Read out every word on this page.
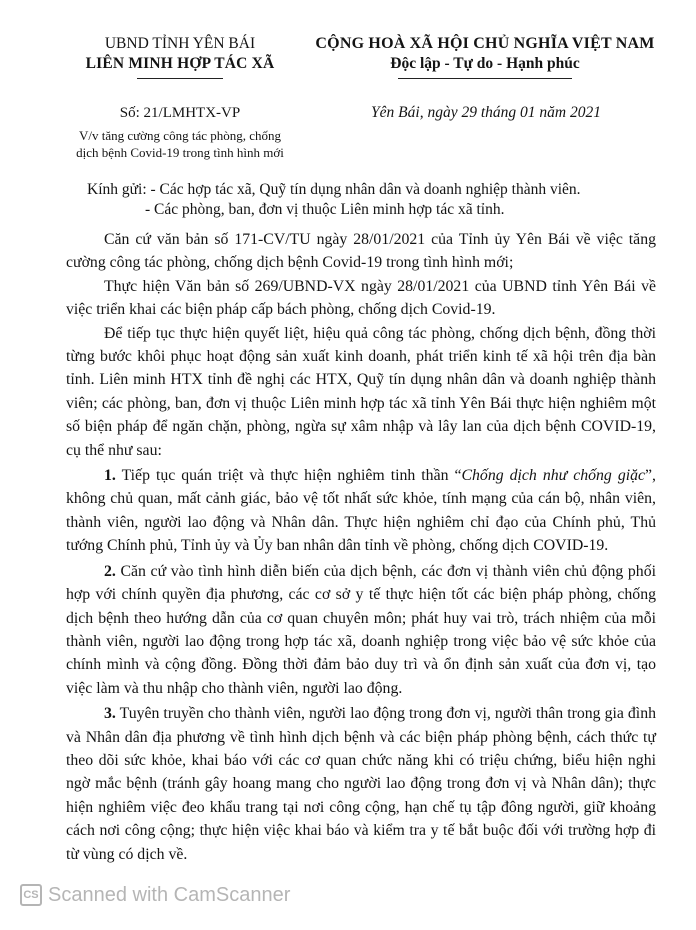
UBND TỈNH YÊN BÁI
LIÊN MINH HỢP TÁC XÃ
CỘNG HOÀ XÃ HỘI CHỦ NGHĨA VIỆT NAM
Độc lập - Tự do - Hạnh phúc
Số: 21/LMHTX-VP
V/v tăng cường công tác phòng, chống
dịch bệnh Covid-19 trong tình hình mới
Yên Bái, ngày 29 tháng 01 năm 2021
Kính gửi: - Các hợp tác xã, Quỹ tín dụng nhân dân và doanh nghiệp thành viên.
- Các phòng, ban, đơn vị thuộc Liên minh hợp tác xã tỉnh.

Căn cứ văn bản số 171-CV/TU ngày 28/01/2021 của Tỉnh ủy Yên Bái về việc tăng cường công tác phòng, chống dịch bệnh Covid-19 trong tình hình mới;

Thực hiện Văn bản số 269/UBND-VX ngày 28/01/2021 của UBND tỉnh Yên Bái về việc triển khai các biện pháp cấp bách phòng, chống dịch Covid-19.

Để tiếp tục thực hiện quyết liệt, hiệu quả công tác phòng, chống dịch bệnh, đồng thời từng bước khôi phục hoạt động sản xuất kinh doanh, phát triển kinh tế xã hội trên địa bàn tỉnh. Liên minh HTX tỉnh đề nghị các HTX, Quỹ tín dụng nhân dân và doanh nghiệp thành viên; các phòng, ban, đơn vị thuộc Liên minh hợp tác xã tỉnh Yên Bái thực hiện nghiêm một số biện pháp để ngăn chặn, phòng, ngừa sự xâm nhập và lây lan của dịch bệnh COVID-19, cụ thể như sau:

1. Tiếp tục quán triệt và thực hiện nghiêm tinh thần “Chống dịch như chống giặc”, không chủ quan, mất cảnh giác, bảo vệ tốt nhất sức khỏe, tính mạng của cán bộ, nhân viên, thành viên, người lao động và Nhân dân. Thực hiện nghiêm chỉ đạo của Chính phủ, Thủ tướng Chính phủ, Tỉnh ủy và Ủy ban nhân dân tỉnh về phòng, chống dịch COVID-19.

2. Căn cứ vào tình hình diễn biến của dịch bệnh, các đơn vị thành viên chủ động phối hợp với chính quyền địa phương, các cơ sở y tế thực hiện tốt các biện pháp phòng, chống dịch bệnh theo hướng dẫn của cơ quan chuyên môn; phát huy vai trò, trách nhiệm của mỗi thành viên, người lao động trong hợp tác xã, doanh nghiệp trong việc bảo vệ sức khỏe của chính mình và cộng đồng. Đồng thời đảm bảo duy trì và ổn định sản xuất của đơn vị, tạo việc làm và thu nhập cho thành viên, người lao động.

3. Tuyên truyền cho thành viên, người lao động trong đơn vị, người thân trong gia đình và Nhân dân địa phương về tình hình dịch bệnh và các biện pháp phòng bệnh, cách thức tự theo dõi sức khỏe, khai báo với các cơ quan chức năng khi có triệu chứng, biểu hiện nghi ngờ mắc bệnh (tránh gây hoang mang cho người lao động trong đơn vị và Nhân dân); thực hiện nghiêm việc đeo khẩu trang tại nơi công cộng, hạn chế tụ tập đông người, giữ khoảng cách nơi công cộng; thực hiện việc khai báo và kiểm tra y tế bắt buộc đối với trường hợp đi từ vùng có dịch về.

CS Scanned with CamScanner
